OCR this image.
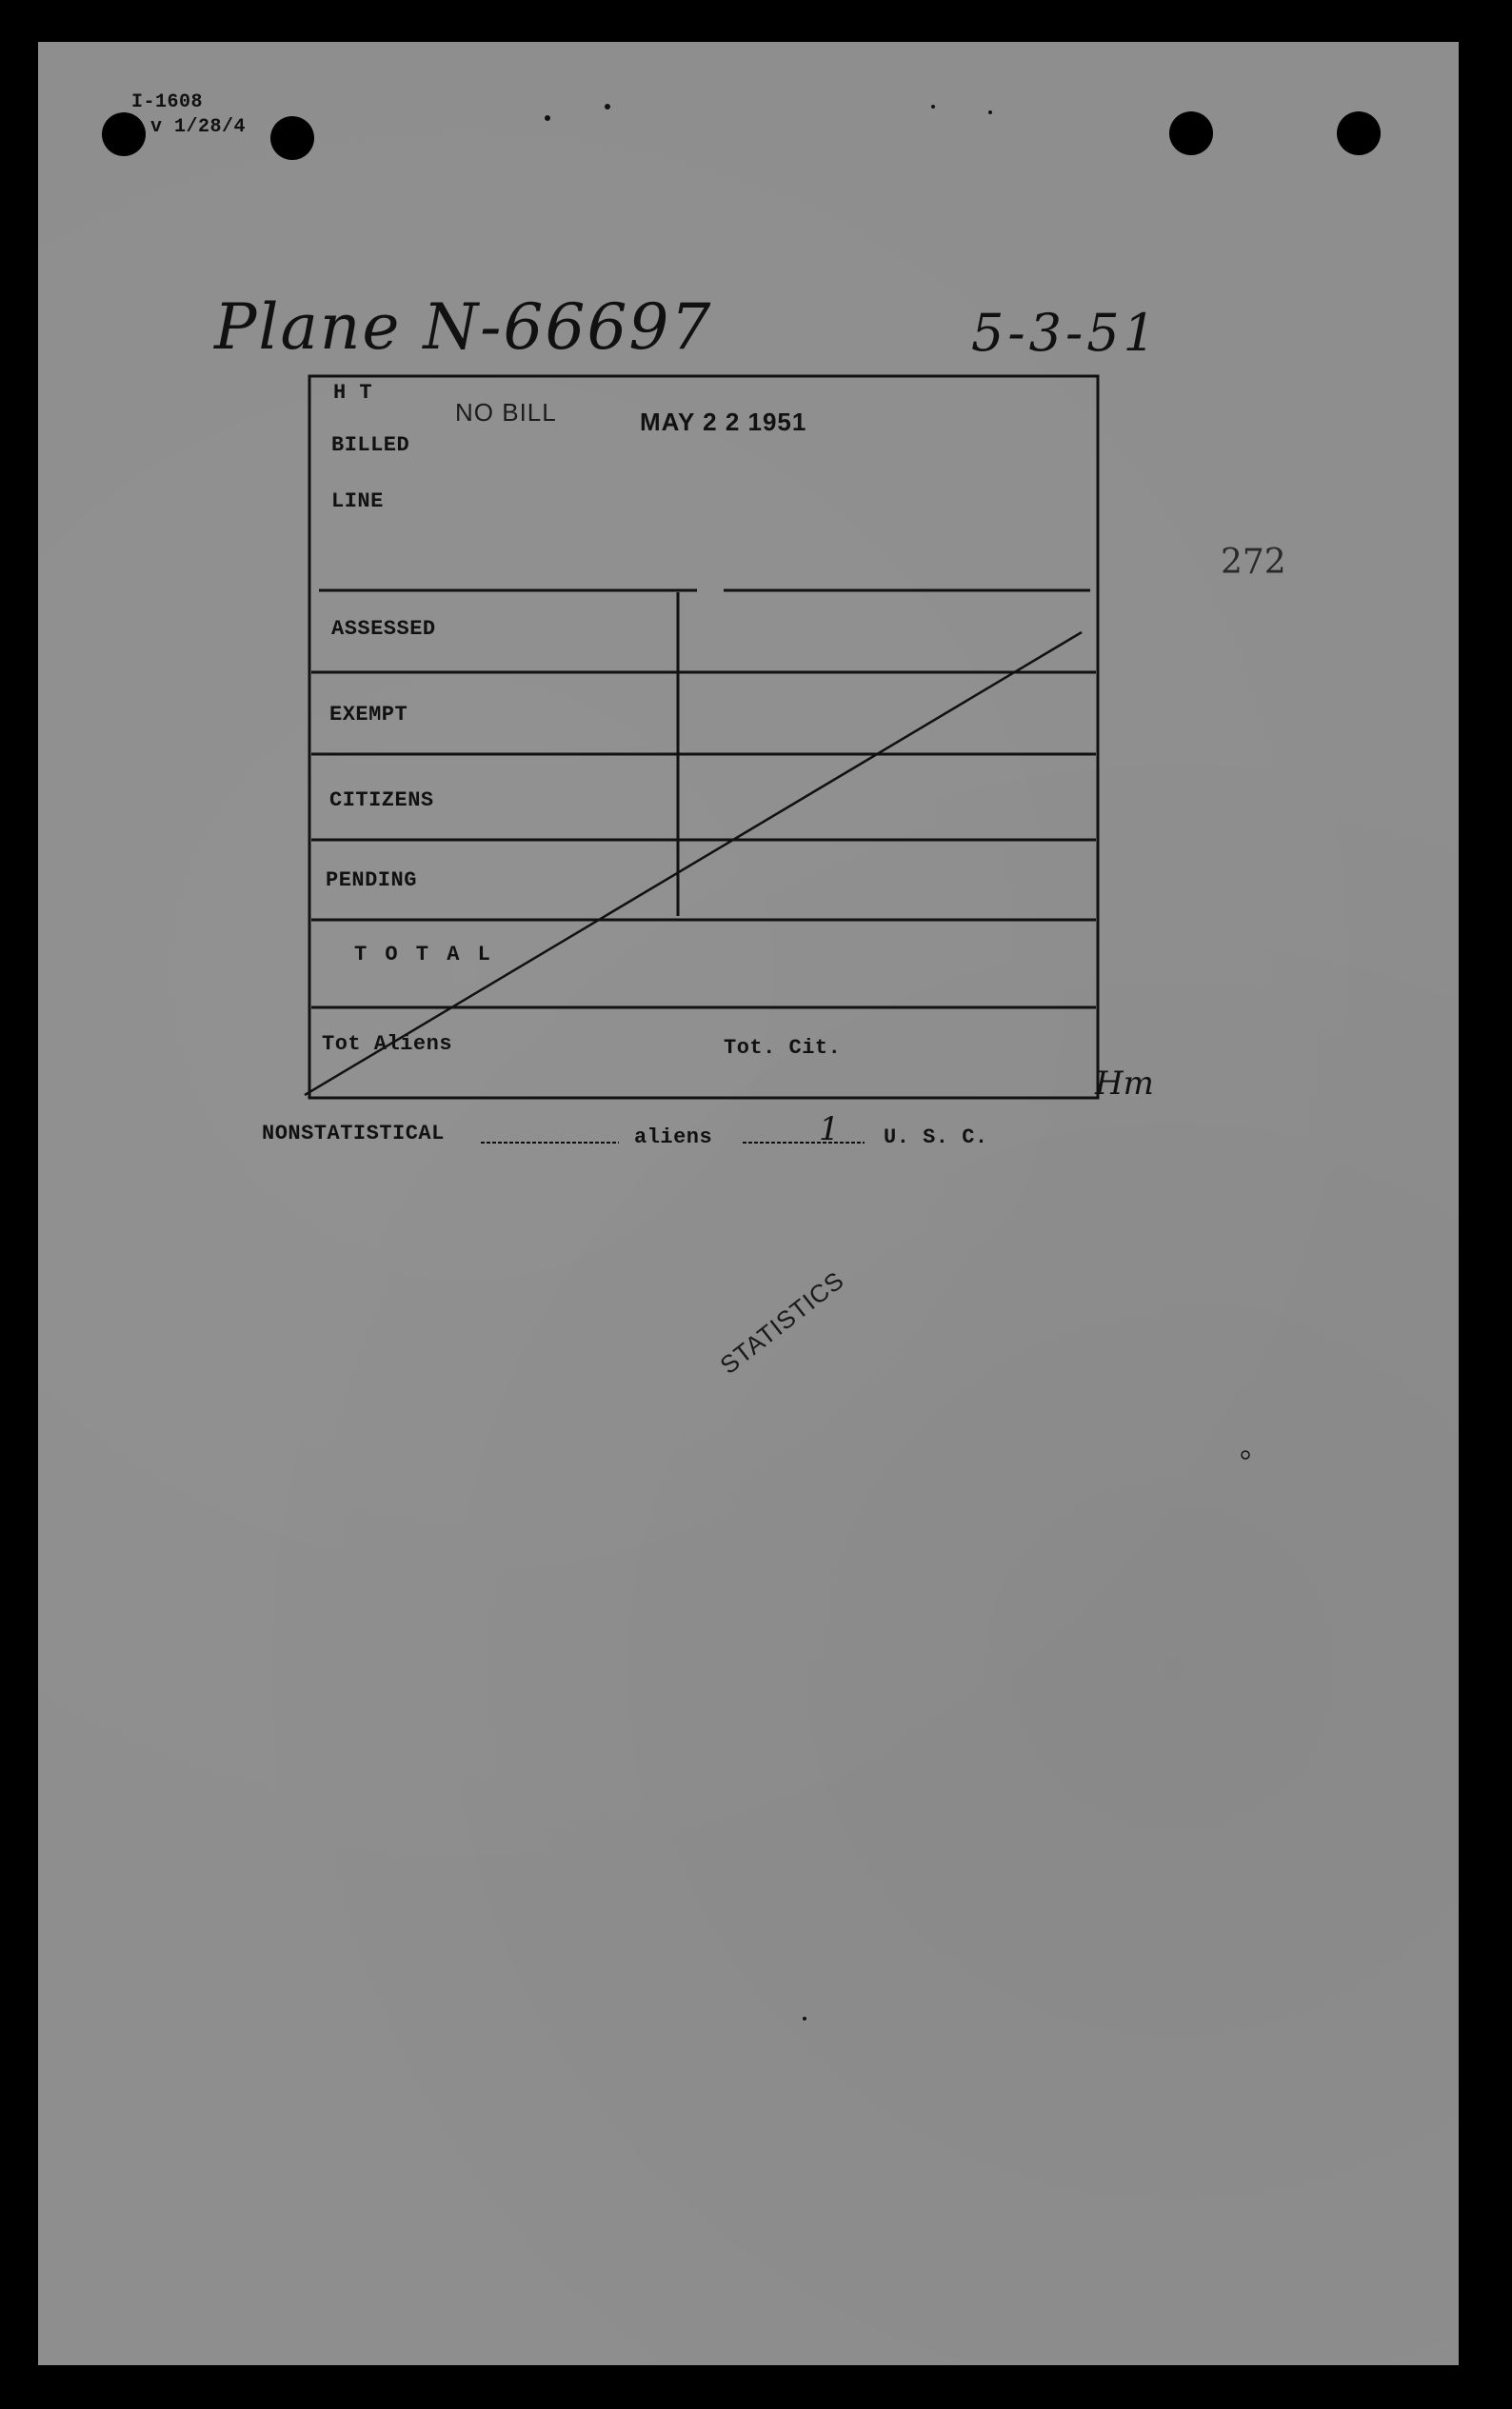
I-1608
v 1/28/4
Plane N-66697	5-3-51
272
H T
BILLED
LINE
NO BILL	MAY 2 2 1951
ASSESSED
EXEMPT
CITIZENS
PENDING
T O T A L
Tot Aliens	Tot. Cit.
Hm
NONSTATISTICAL	aliens	1 U. S. C.
STATISTICS
